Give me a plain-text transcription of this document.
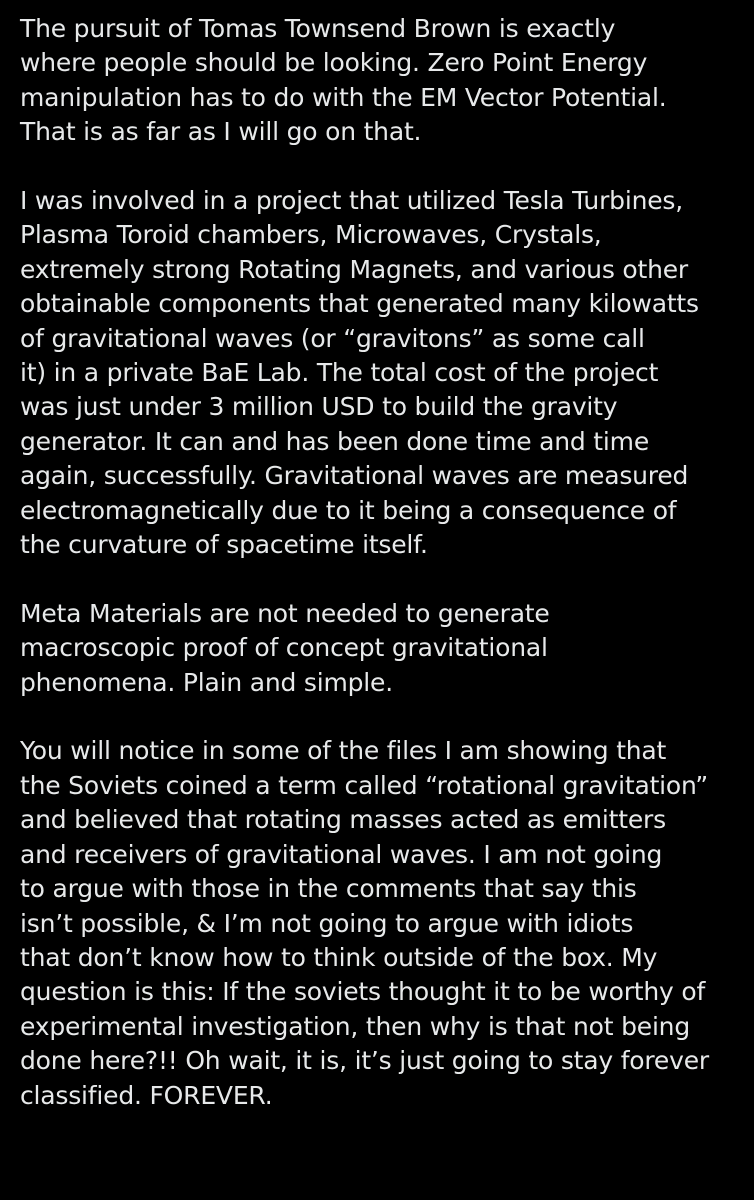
The pursuit of Tomas Townsend Brown is exactly
where people should be looking. Zero Point Energy
manipulation has to do with the EM Vector Potential.
That is as far as I will go on that.

I was involved in a project that utilized Tesla Turbines,
Plasma Toroid chambers, Microwaves, Crystals,
extremely strong Rotating Magnets, and various other
obtainable components that generated many kilowatts
of gravitational waves (or “gravitons” as some call
it) in a private BaE Lab. The total cost of the project
was just under 3 million USD to build the gravity
generator. It can and has been done time and time
again, successfully. Gravitational waves are measured
electromagnetically due to it being a consequence of
the curvature of spacetime itself.

Meta Materials are not needed to generate
macroscopic proof of concept gravitational
phenomena. Plain and simple.

You will notice in some of the files I am showing that
the Soviets coined a term called “rotational gravitation”
and believed that rotating masses acted as emitters
and receivers of gravitational waves. I am not going
to argue with those in the comments that say this
isn’t possible, & I’m not going to argue with idiots
that don’t know how to think outside of the box. My
question is this: If the soviets thought it to be worthy of
experimental investigation, then why is that not being
done here?!! Oh wait, it is, it’s just going to stay forever
classified. FOREVER.
